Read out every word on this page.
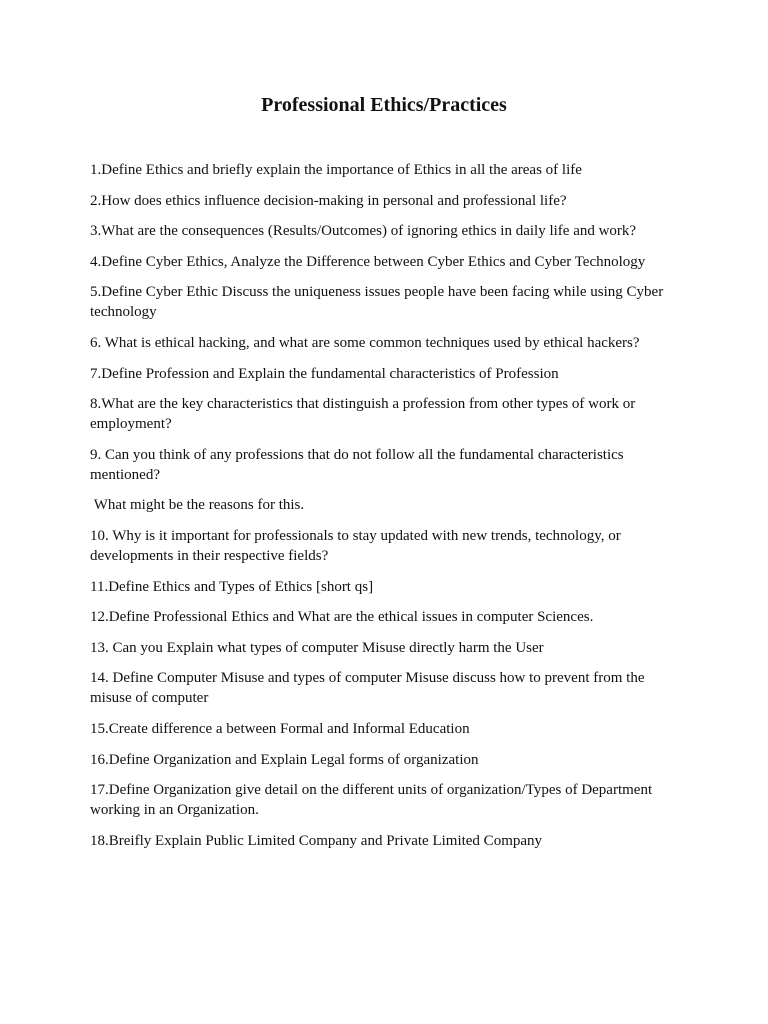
Professional Ethics/Practices
1.Define Ethics and briefly explain the importance of Ethics in all the areas of life
2.How does ethics influence decision-making in personal and professional life?
3.What are the consequences (Results/Outcomes) of ignoring ethics in daily life and work?
4.Define Cyber Ethics, Analyze the Difference between Cyber Ethics and Cyber Technology
5.Define Cyber Ethic Discuss the uniqueness issues people have been facing while using Cyber technology
6. What is ethical hacking, and what are some common techniques used by ethical hackers?
7.Define Profession and Explain the fundamental characteristics of Profession
8.What are the key characteristics that distinguish a profession from other types of work or employment?
9. Can you think of any professions that do not follow all the fundamental characteristics mentioned?
What might be the reasons for this.
10. Why is it important for professionals to stay updated with new trends, technology, or developments in their respective fields?
11.Define Ethics and Types of Ethics [short qs]
12.Define Professional Ethics and What are the ethical issues in computer Sciences.
13. Can you Explain what types of computer Misuse directly harm the User
14. Define Computer Misuse and types of computer Misuse discuss how to prevent from the misuse of computer
15.Create difference a between Formal and Informal Education
16.Define Organization and Explain Legal forms of organization
17.Define Organization give detail on the different units of organization/Types of Department working in an Organization.
18.Breifly Explain Public Limited Company and Private Limited Company
